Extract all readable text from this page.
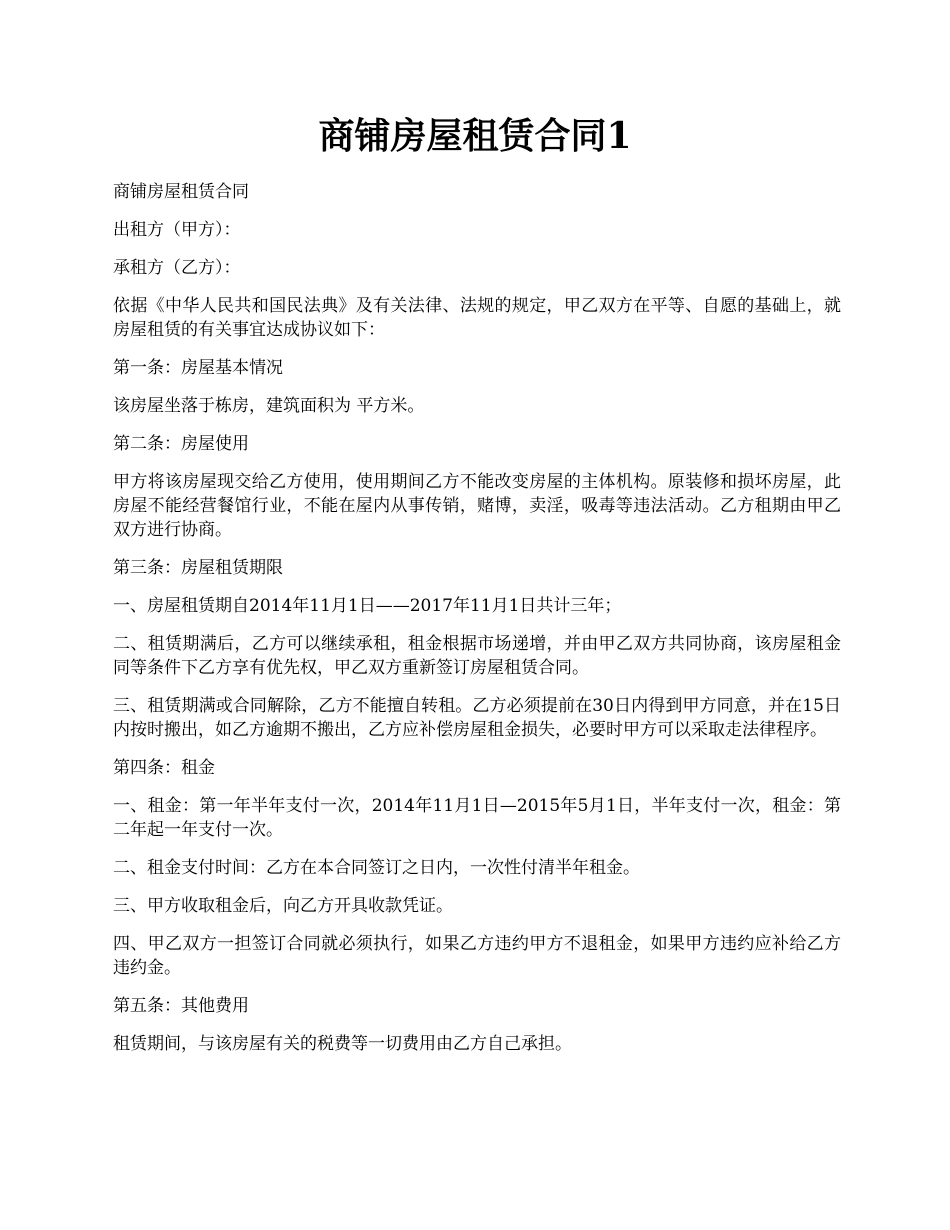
商铺房屋租赁合同1

商铺房屋租赁合同

出租方（甲方）：

承租方（乙方）：

依据《中华人民共和国民法典》及有关法律、法规的规定，甲乙双方在平等、自愿的基础上，就房屋租赁的有关事宜达成协议如下：

第一条：房屋基本情况

该房屋坐落于栋房，建筑面积为 平方米。

第二条：房屋使用

甲方将该房屋现交给乙方使用，使用期间乙方不能改变房屋的主体机构。原装修和损坏房屋，此房屋不能经营餐馆行业，不能在屋内从事传销，赌博，卖淫，吸毒等违法活动。乙方租期由甲乙双方进行协商。

第三条：房屋租赁期限

一、房屋租赁期自2014年11月1日——2017年11月1日共计三年；

二、租赁期满后，乙方可以继续承租，租金根据市场递增，并由甲乙双方共同协商，该房屋租金同等条件下乙方享有优先权，甲乙双方重新签订房屋租赁合同。

三、租赁期满或合同解除，乙方不能擅自转租。乙方必须提前在30日内得到甲方同意，并在15日内按时搬出，如乙方逾期不搬出，乙方应补偿房屋租金损失，必要时甲方可以采取走法律程序。

第四条：租金

一、租金：第一年半年支付一次，2014年11月1日—2015年5月1日，半年支付一次，租金：第二年起一年支付一次。

二、租金支付时间：乙方在本合同签订之日内，一次性付清半年租金。

三、甲方收取租金后，向乙方开具收款凭证。

四、甲乙双方一担签订合同就必须执行，如果乙方违约甲方不退租金，如果甲方违约应补给乙方违约金。

第五条：其他费用

租赁期间，与该房屋有关的税费等一切费用由乙方自己承担。
